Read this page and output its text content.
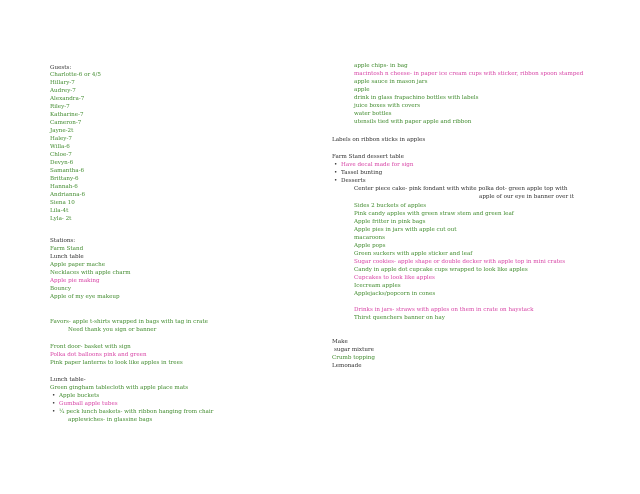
Guests:
Charlotte-6 or 4/5
Hillary-7
Audrey-7
Alexandra-7
Riley-7
Katharine-7
Cameron-7
Jayne-2t
Haley-7
Willa-6
Chloe-7
Devyn-6
Samantha-6
Brittany-6
Hannah-6
Andrianna-6
Siena 10
Lila-4t
Lyla- 2t
Stations:
Farm Stand
Lunch table
Apple paper mache
Necklaces with apple charm
Apple pie making
Bouncy
Apple of my eye makeup
Favors- apple t-shirts wrapped in bags with tag in crate
Need thank you sign or banner
Front door- basket with sign
Polka dot balloons pink and green
Pink paper lanterns to look like apples in trees
Lunch table-
Green gingham tablecloth with apple place mats
• Apple buckets
• Gumball apple tubes
• ¼ peck lunch baskets- with ribbon hanging from chair
applewiches- in glassine bags
apple chips- in bag
macintosh n cheese- in paper ice cream cups with sticker, ribbon spoon stamped
apple sauce in mason jars
apple
drink in glass frapachino bottles with labels
juice boxes with covers
water bottles
utensils tied with paper apple and ribbon
Labels on ribbon sticks in apples
Farm Stand dessert table
• Have decal made for sign
• Tassel bunting
• Desserts
Center piece cake- pink fondant with white polka dot- green apple top with
apple of our eye in banner over it
Sides 2 buckets of apples
Pink candy apples with green straw stem and green leaf
Apple fritter in pink bags
Apple pies in jars with apple cut out
macaroons
Apple pops
Green suckers with apple sticker and leaf
Sugar cookies- apple shape or double decker with apple top in mini crates
Candy in apple dot cupcake cups wrapped to look like apples
Cupcakes to look like apples
Icecream apples
Applejacks/popcorn in cones
Drinks in jars- straws with apples on them in crate on haystack
Thirst quenchers banner on hay
Make
sugar mixture
Crumb topping
Lemonade
